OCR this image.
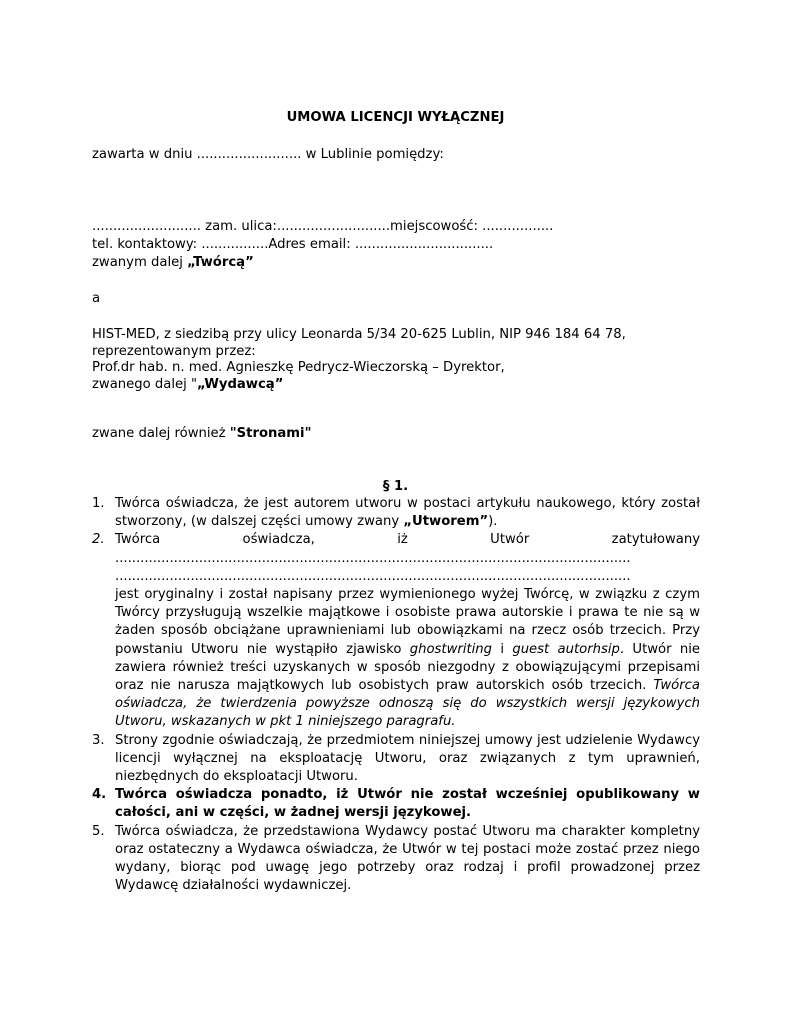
UMOWA LICENCJI WYŁĄCZNEJ
zawarta w dniu ......................... w Lublinie pomiędzy:
.......................... zam. ulica:...........................miejscowość: .................
tel. kontaktowy: ................Adres email: .................................
zwanym dalej „Twórcą”
a
HIST-MED, z siedzibą przy ulicy Leonarda 5/34 20-625 Lublin, NIP 946 184 64 78,
reprezentowanym przez:
Prof.dr hab. n. med. Agnieszkę Pedrycz-Wieczorską – Dyrektor,
zwanego dalej "„Wydawcą”
zwane dalej również "Stronami"
§ 1.
1. Twórca oświadcza, że jest autorem utworu w postaci artykułu naukowego, który został stworzony, (w dalszej części umowy zwany „Utworem”).
2. Twórca oświadcza, iż Utwór zatytułowany
...........................................................................................................................
...........................................................................................................................
jest oryginalny i został napisany przez wymienionego wyżej Twórcę, w związku z czym Twórcy przysługują wszelkie majątkowe i osobiste prawa autorskie i prawa te nie są w żaden sposób obciążane uprawnieniami lub obowiązkami na rzecz osób trzecich. Przy powstaniu Utworu nie wystąpiło zjawisko ghostwriting i guest autorhsip. Utwór nie zawiera również treści uzyskanych w sposób niezgodny z obowiązującymi przepisami oraz nie narusza majątkowych lub osobistych praw autorskich osób trzecich. Twórca oświadcza, że twierdzenia powyższe odnoszą się do wszystkich wersji językowych Utworu, wskazanych w pkt 1 niniejszego paragrafu.
3. Strony zgodnie oświadczają, że przedmiotem niniejszej umowy jest udzielenie Wydawcy licencji wyłącznej na eksploatację Utworu, oraz związanych z tym uprawnień, niezbędnych do eksploatacji Utworu.
4. Twórca oświadcza ponadto, iż Utwór nie został wcześniej opublikowany w całości, ani w części, w żadnej wersji językowej.
5. Twórca oświadcza, że przedstawiona Wydawcy postać Utworu ma charakter kompletny oraz ostateczny a Wydawca oświadcza, że Utwór w tej postaci może zostać przez niego wydany, biorąc pod uwagę jego potrzeby oraz rodzaj i profil prowadzonej przez Wydawcę działalności wydawniczej.
